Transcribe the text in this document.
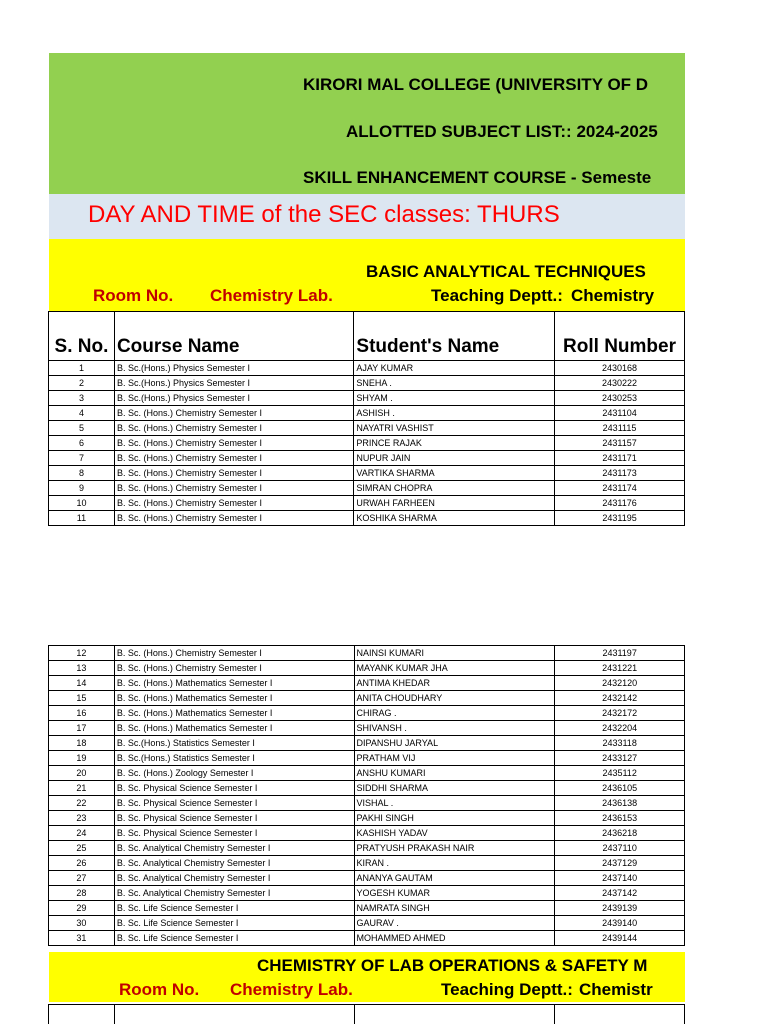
KIRORI MAL COLLEGE (UNIVERSITY OF D
ALLOTTED SUBJECT LIST:: 2024-2025
SKILL ENHANCEMENT COURSE - Semeste
DAY AND TIME of the SEC classes: THURS
BASIC ANALYTICAL TECHNIQUES
Room No. Chemistry Lab.	Teaching Deptt.: Chemistry
S. No.	Course Name	Student's Name	Roll Number
1	B. Sc.(Hons.) Physics Semester I	AJAY KUMAR	2430168
2	B. Sc.(Hons.) Physics Semester I	SNEHA .	2430222
3	B. Sc.(Hons.) Physics Semester I	SHYAM .	2430253
4	B. Sc. (Hons.) Chemistry Semester I	ASHISH .	2431104
5	B. Sc. (Hons.) Chemistry Semester I	NAYATRI VASHIST	2431115
6	B. Sc. (Hons.) Chemistry Semester I	PRINCE RAJAK	2431157
7	B. Sc. (Hons.) Chemistry Semester I	NUPUR JAIN	2431171
8	B. Sc. (Hons.) Chemistry Semester I	VARTIKA SHARMA	2431173
9	B. Sc. (Hons.) Chemistry Semester I	SIMRAN CHOPRA	2431174
10	B. Sc. (Hons.) Chemistry Semester I	URWAH FARHEEN	2431176
11	B. Sc. (Hons.) Chemistry Semester I	KOSHIKA SHARMA	2431195
12	B. Sc. (Hons.) Chemistry Semester I	NAINSI KUMARI	2431197
13	B. Sc. (Hons.) Chemistry Semester I	MAYANK KUMAR JHA	2431221
14	B. Sc. (Hons.) Mathematics Semester I	ANTIMA KHEDAR	2432120
15	B. Sc. (Hons.) Mathematics Semester I	ANITA CHOUDHARY	2432142
16	B. Sc. (Hons.) Mathematics Semester I	CHIRAG .	2432172
17	B. Sc. (Hons.) Mathematics Semester I	SHIVANSH .	2432204
18	B. Sc.(Hons.) Statistics Semester I	DIPANSHU JARYAL	2433118
19	B. Sc.(Hons.) Statistics Semester I	PRATHAM VIJ	2433127
20	B. Sc. (Hons.) Zoology Semester I	ANSHU KUMARI	2435112
21	B. Sc. Physical Science Semester I	SIDDHI SHARMA	2436105
22	B. Sc. Physical Science Semester I	VISHAL .	2436138
23	B. Sc. Physical Science Semester I	PAKHI SINGH	2436153
24	B. Sc. Physical Science Semester I	KASHISH YADAV	2436218
25	B. Sc. Analytical Chemistry Semester I	PRATYUSH PRAKASH NAIR	2437110
26	B. Sc. Analytical Chemistry Semester I	KIRAN .	2437129
27	B. Sc. Analytical Chemistry Semester I	ANANYA GAUTAM	2437140
28	B. Sc. Analytical Chemistry Semester I	YOGESH KUMAR	2437142
29	B. Sc. Life Science Semester I	NAMRATA SINGH	2439139
30	B. Sc. Life Science Semester I	GAURAV .	2439140
31	B. Sc. Life Science Semester I	MOHAMMED AHMED	2439144
CHEMISTRY OF LAB OPERATIONS & SAFETY M
Room No. Chemistry Lab.	Teaching Deptt.: Chemistr
